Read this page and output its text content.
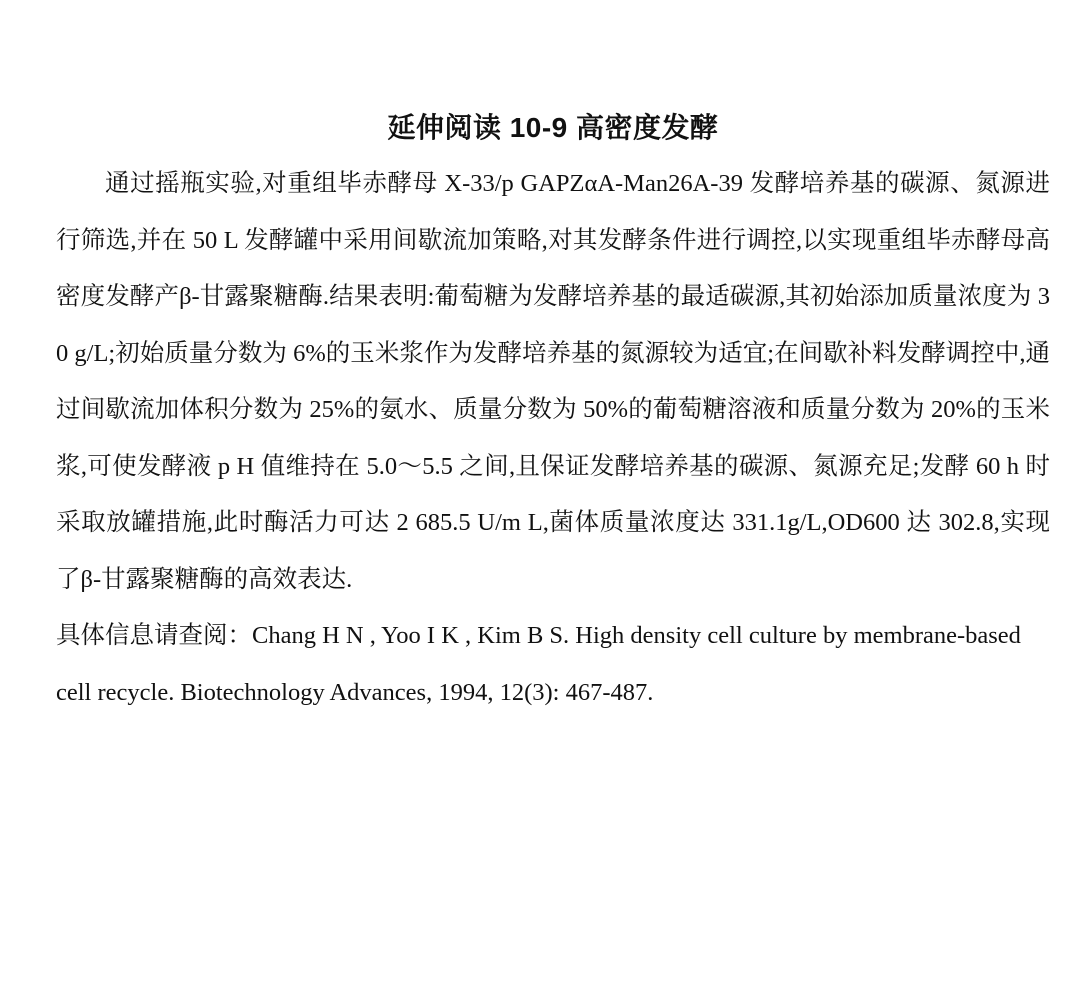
延伸阅读 10-9 高密度发酵

通过摇瓶实验,对重组毕赤酵母 X-33/p GAPZαA-Man26A-39 发酵培养基的碳源、氮源进行筛选,并在 50 L 发酵罐中采用间歇流加策略,对其发酵条件进行调控,以实现重组毕赤酵母高密度发酵产β-甘露聚糖酶.结果表明:葡萄糖为发酵培养基的最适碳源,其初始添加质量浓度为 30 g/L;初始质量分数为 6%的玉米浆作为发酵培养基的氮源较为适宜;在间歇补料发酵调控中,通过间歇流加体积分数为 25%的氨水、质量分数为 50%的葡萄糖溶液和质量分数为 20%的玉米浆,可使发酵液 p H 值维持在 5.0～5.5 之间,且保证发酵培养基的碳源、氮源充足;发酵 60 h 时采取放罐措施,此时酶活力可达 2 685.5 U/m L,菌体质量浓度达 331.1g/L,OD600 达 302.8,实现了β-甘露聚糖酶的高效表达.

具体信息请查阅：Chang H N , Yoo I K , Kim B S. High density cell culture by membrane-based cell recycle. Biotechnology Advances, 1994, 12(3): 467-487.
